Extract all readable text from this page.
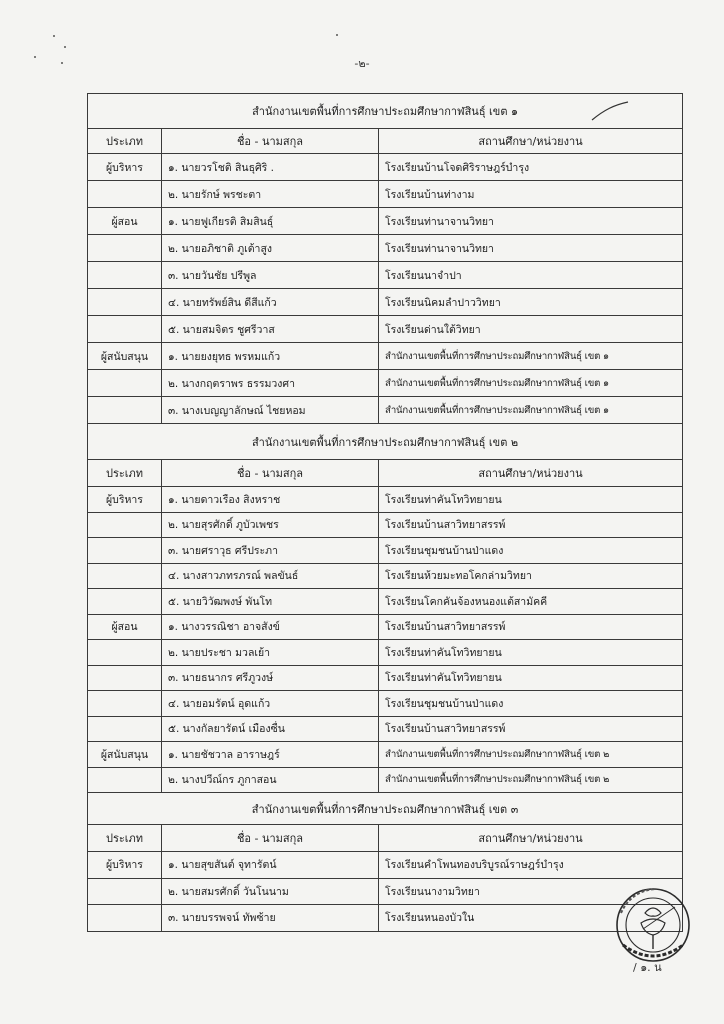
-๒-
สำนักงานเขตพื้นที่การศึกษาประถมศึกษากาฬสินธุ์ เขต ๑		
ประเภท	ชื่อ - นามสกุล	สถานศึกษา/หน่วยงาน
ผู้บริหาร	๑. นายวรโชติ สินธุศิริ .	โรงเรียนบ้านโจดศิริราษฎร์บำรุง
	๒. นายรักษ์ พรชะตา	โรงเรียนบ้านท่างาม
ผู้สอน	๑. นายฟูเกียรติ สิมสินธุ์	โรงเรียนท่านาจานวิทยา
	๒. นายอภิชาติ ภูเต้าสูง	โรงเรียนท่านาจานวิทยา
	๓. นายวันชัย ปรีพูล	โรงเรียนนาจำปา
	๔. นายทรัพย์สิน ดีสีแก้ว	โรงเรียนนิคมลำปาววิทยา
	๕. นายสมจิตร ชูศรีวาส	โรงเรียนด่านใต้วิทยา
ผู้สนับสนุน	๑. นายยงยุทธ พรหมแก้ว	สำนักงานเขตพื้นที่การศึกษาประถมศึกษากาฬสินธุ์ เขต ๑
	๒. นางกฤตราพร ธรรมวงศา	สำนักงานเขตพื้นที่การศึกษาประถมศึกษากาฬสินธุ์ เขต ๑
	๓. นางเบญญาลักษณ์ ไชยหอม	สำนักงานเขตพื้นที่การศึกษาประถมศึกษากาฬสินธุ์ เขต ๑
สำนักงานเขตพื้นที่การศึกษาประถมศึกษากาฬสินธุ์ เขต ๒		
ประเภท	ชื่อ - นามสกุล	สถานศึกษา/หน่วยงาน
ผู้บริหาร	๑. นายดาวเรือง สิงหราช	โรงเรียนท่าคันโทวิทยายน
	๒. นายสุรศักดิ์ ภูบัวเพชร	โรงเรียนบ้านสาวิทยาสรรพ์
	๓. นายศราวุธ ศรีประภา	โรงเรียนชุมชนบ้านป่าแดง
	๔. นางสาวภทรภรณ์ พลขันธ์	โรงเรียนห้วยมะทอโคกล่ามวิทยา
	๕. นายวิวัฒพงษ์ พันโท	โรงเรียนโคกคันจ้องหนองแต้สามัคคี
ผู้สอน	๑. นางวรรณิชา อาจสังข์	โรงเรียนบ้านสาวิทยาสรรพ์
	๒. นายประชา มวลเย้า	โรงเรียนท่าคันโทวิทยายน
	๓. นายธนากร ศรีภูวงษ์	โรงเรียนท่าคันโทวิทยายน
	๔. นายอมรัตน์ อุดแก้ว	โรงเรียนชุมชนบ้านป่าแดง
	๕. นางกัลยารัตน์ เมืองซื่น	โรงเรียนบ้านสาวิทยาสรรพ์
ผู้สนับสนุน	๑. นายชัชวาล อาราษฎร์	สำนักงานเขตพื้นที่การศึกษาประถมศึกษากาฬสินธุ์ เขต ๒
	๒. นางปวีณ์กร ภูกาสอน	สำนักงานเขตพื้นที่การศึกษาประถมศึกษากาฬสินธุ์ เขต ๒
สำนักงานเขตพื้นที่การศึกษาประถมศึกษากาฬสินธุ์ เขต ๓		
ประเภท	ชื่อ - นามสกุล	สถานศึกษา/หน่วยงาน
ผู้บริหาร	๑. นายสุขสันต์ จุทารัตน์	โรงเรียนคำโพนทองบริบูรณ์ราษฎร์บำรุง
	๒. นายสมรศักดิ์ วันโนนาม	โรงเรียนนางามวิทยา
	๓. นายบรรพจน์ ทัพซ้าย	โรงเรียนหนองบัวใน
/ ๑. น
